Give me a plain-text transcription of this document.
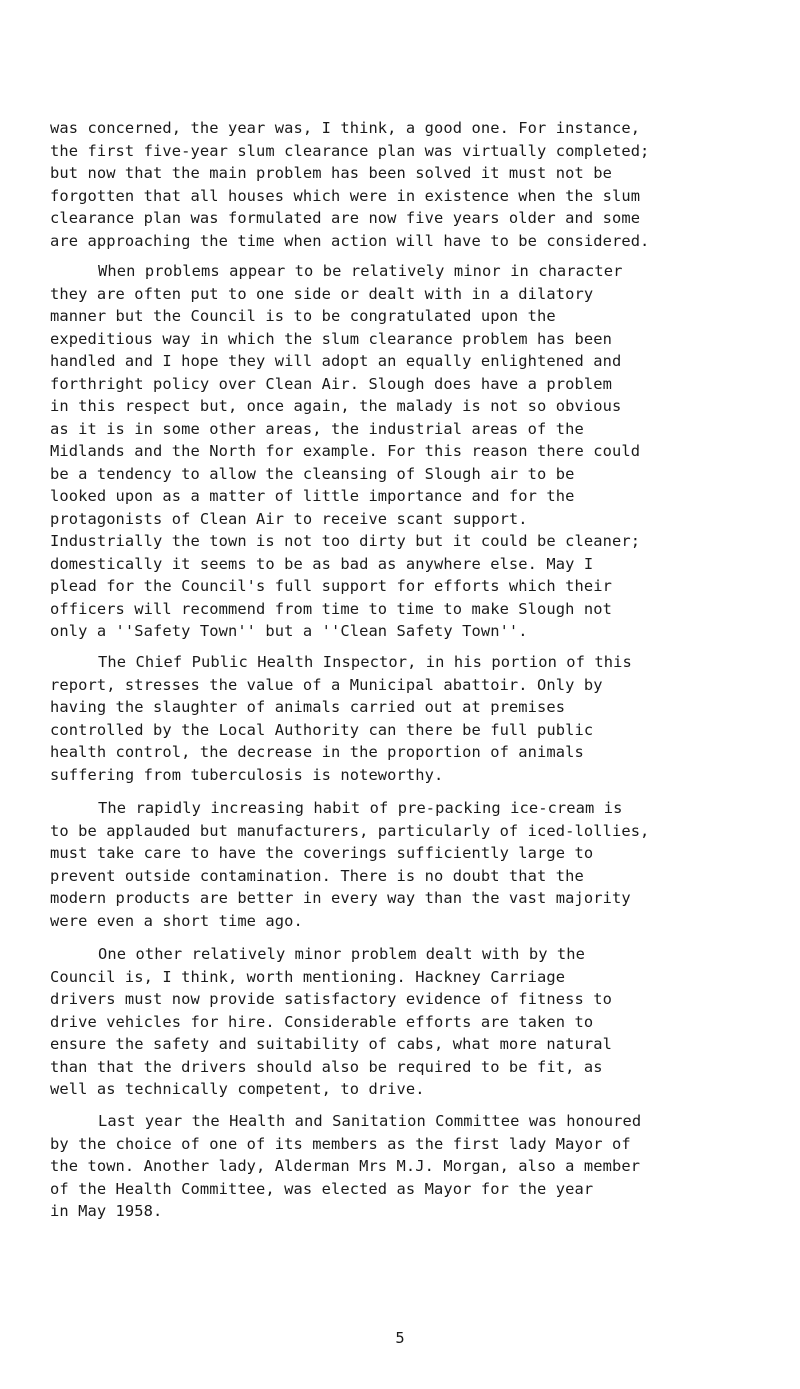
was concerned, the year was, I think, a good one. For instance,
the first five-year slum clearance plan was virtually completed;
but now that the main problem has been solved it must not be
forgotten that all houses which were in existence when the slum
clearance plan was formulated are now five years older and some
are approaching the time when action will have to be considered.
When problems appear to be relatively minor in character
they are often put to one side or dealt with in a dilatory
manner but the Council is to be congratulated upon the
expeditious way in which the slum clearance problem has been
handled and I hope they will adopt an equally enlightened and
forthright policy over Clean Air. Slough does have a problem
in this respect but, once again, the malady is not so obvious
as it is in some other areas, the industrial areas of the
Midlands and the North for example. For this reason there could
be a tendency to allow the cleansing of Slough air to be
looked upon as a matter of little importance and for the
protagonists of Clean Air to receive scant support.
Industrially the town is not too dirty but it could be cleaner;
domestically it seems to be as bad as anywhere else. May I
plead for the Council's full support for efforts which their
officers will recommend from time to time to make Slough not
only a ''Safety Town'' but a ''Clean Safety Town''.
The Chief Public Health Inspector, in his portion of this
report, stresses the value of a Municipal abattoir. Only by
having the slaughter of animals carried out at premises
controlled by the Local Authority can there be full public
health control, the decrease in the proportion of animals
suffering from tuberculosis is noteworthy.
The rapidly increasing habit of pre-packing ice-cream is
to be applauded but manufacturers, particularly of iced-lollies,
must take care to have the coverings sufficiently large to
prevent outside contamination. There is no doubt that the
modern products are better in every way than the vast majority
were even a short time ago.
One other relatively minor problem dealt with by the
Council is, I think, worth mentioning. Hackney Carriage
drivers must now provide satisfactory evidence of fitness to
drive vehicles for hire. Considerable efforts are taken to
ensure the safety and suitability of cabs, what more natural
than that the drivers should also be required to be fit, as
well as technically competent, to drive.
Last year the Health and Sanitation Committee was honoured
by the choice of one of its members as the first lady Mayor of
the town. Another lady, Alderman Mrs M.J. Morgan, also a member
of the Health Committee, was elected as Mayor for the year
in May 1958.
5
